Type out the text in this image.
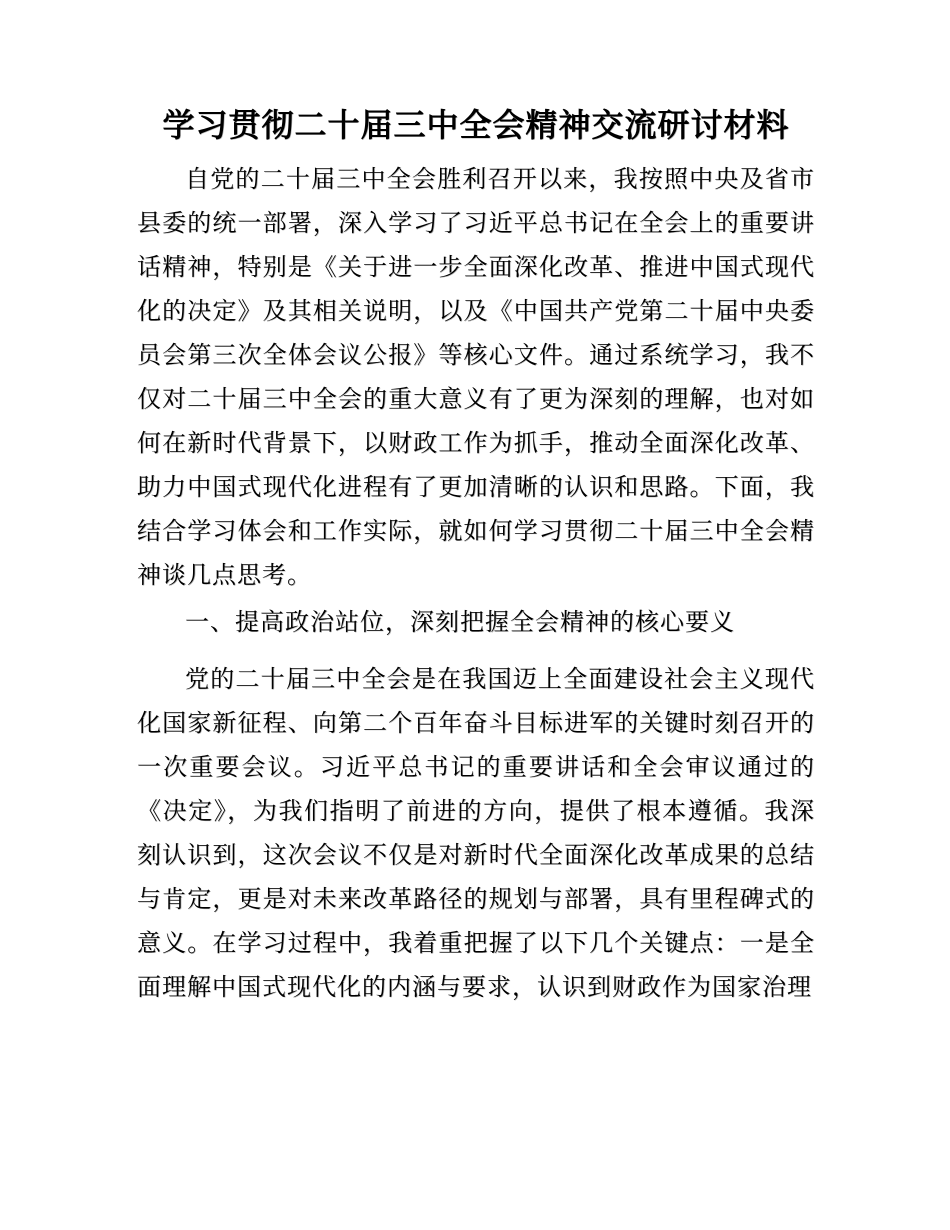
学习贯彻二十届三中全会精神交流研讨材料

自党的二十届三中全会胜利召开以来，我按照中央及省市县委的统一部署，深入学习了习近平总书记在全会上的重要讲话精神，特别是《关于进一步全面深化改革、推进中国式现代化的决定》及其相关说明，以及《中国共产党第二十届中央委员会第三次全体会议公报》等核心文件。通过系统学习，我不仅对二十届三中全会的重大意义有了更为深刻的理解，也对如何在新时代背景下，以财政工作为抓手，推动全面深化改革、助力中国式现代化进程有了更加清晰的认识和思路。下面，我结合学习体会和工作实际，就如何学习贯彻二十届三中全会精神谈几点思考。

一、提高政治站位，深刻把握全会精神的核心要义

党的二十届三中全会是在我国迈上全面建设社会主义现代化国家新征程、向第二个百年奋斗目标进军的关键时刻召开的一次重要会议。习近平总书记的重要讲话和全会审议通过的《决定》，为我们指明了前进的方向，提供了根本遵循。我深刻认识到，这次会议不仅是对新时代全面深化改革成果的总结与肯定，更是对未来改革路径的规划与部署，具有里程碑式的意义。在学习过程中，我着重把握了以下几个关键点：一是全面理解中国式现代化的内涵与要求，认识到财政作为国家治理
